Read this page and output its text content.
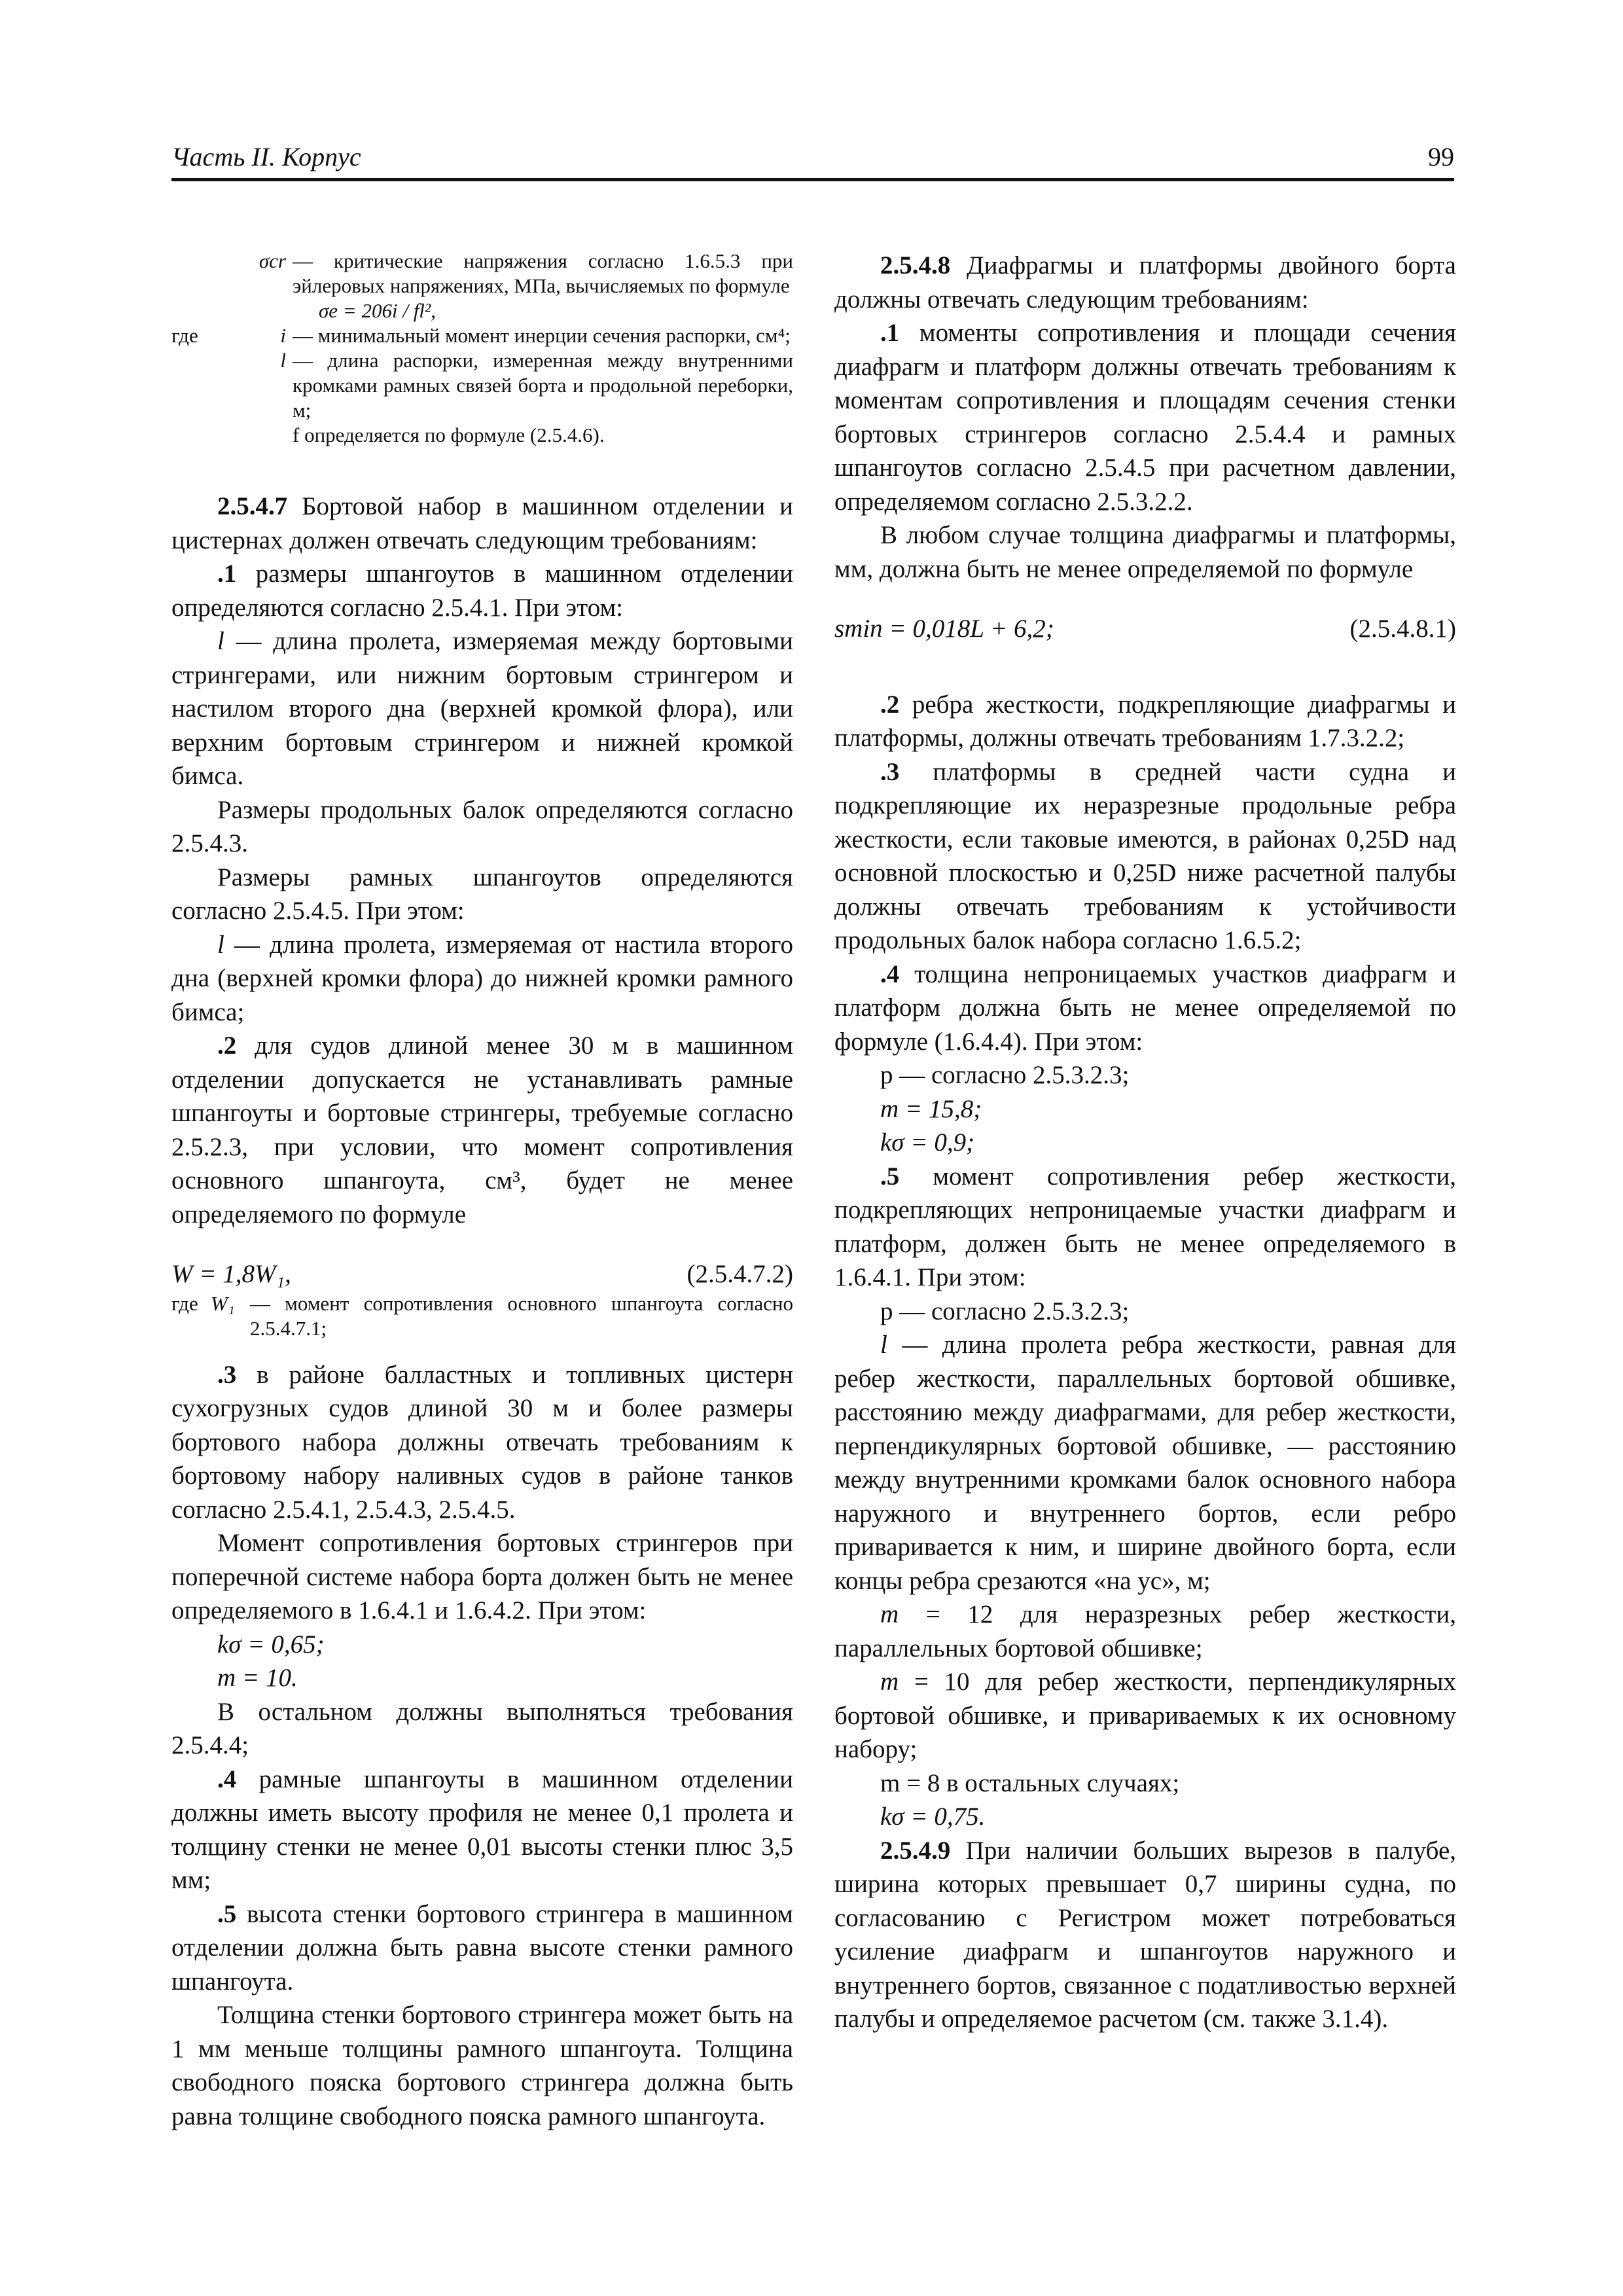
Часть II. Корпус	99

σcr — критические напряжения согласно 1.6.5.3 при эйлеровых напряжениях, МПа, вычисляемых по формуле

σe = 206i / fl²,

где	i — минимальный момент инерции сечения распорки, см⁴;

l — длина распорки, измеренная между внутренними кромками рамных связей борта и продольной переборки, м;

f определяется по формуле (2.5.4.6).

2.5.4.7 Бортовой набор в машинном отделении и цистернах должен отвечать следующим требованиям:

.1 размеры шпангоутов в машинном отделении определяются согласно 2.5.4.1. При этом:

l — длина пролета, измеряемая между бортовыми стрингерами, или нижним бортовым стрингером и настилом второго дна (верхней кромкой флора), или верхним бортовым стрингером и нижней кромкой бимса.

Размеры продольных балок определяются согласно 2.5.4.3.

Размеры рамных шпангоутов определяются согласно 2.5.4.5. При этом:

l — длина пролета, измеряемая от настила второго дна (верхней кромки флора) до нижней кромки рамного бимса;

.2 для судов длиной менее 30 м в машинном отделении допускается не устанавливать рамные шпангоуты и бортовые стрингеры, требуемые согласно 2.5.2.3, при условии, что момент сопротивления основного шпангоута, см³, будет не менее определяемого по формуле

W = 1,8W₁,	(2.5.4.7.2)

где W₁ — момент сопротивления основного шпангоута согласно 2.5.4.7.1;

.3 в районе балластных и топливных цистерн сухогрузных судов длиной 30 м и более размеры бортового набора должны отвечать требованиям к бортовому набору наливных судов в районе танков согласно 2.5.4.1, 2.5.4.3, 2.5.4.5.

Момент сопротивления бортовых стрингеров при поперечной системе набора борта должен быть не менее определяемого в 1.6.4.1 и 1.6.4.2. При этом:

kσ = 0,65;

m = 10.

В остальном должны выполняться требования 2.5.4.4;

.4 рамные шпангоуты в машинном отделении должны иметь высоту профиля не менее 0,1 пролета и толщину стенки не менее 0,01 высоты стенки плюс 3,5 мм;

.5 высота стенки бортового стрингера в машинном отделении должна быть равна высоте стенки рамного шпангоута.

Толщина стенки бортового стрингера может быть на 1 мм меньше толщины рамного шпангоута. Толщина свободного пояска бортового стрингера должна быть равна толщине свободного пояска рамного шпангоута.

2.5.4.8 Диафрагмы и платформы двойного борта должны отвечать следующим требованиям:

.1 моменты сопротивления и площади сечения диафрагм и платформ должны отвечать требованиям к моментам сопротивления и площадям сечения стенки бортовых стрингеров согласно 2.5.4.4 и рамных шпангоутов согласно 2.5.4.5 при расчетном давлении, определяемом согласно 2.5.3.2.2.

В любом случае толщина диафрагмы и платформы, мм, должна быть не менее определяемой по формуле

smin = 0,018L + 6,2;	(2.5.4.8.1)

.2 ребра жесткости, подкрепляющие диафрагмы и платформы, должны отвечать требованиям 1.7.3.2.2;

.3 платформы в средней части судна и подкрепляющие их неразрезные продольные ребра жесткости, если таковые имеются, в районах 0,25D над основной плоскостью и 0,25D ниже расчетной палубы должны отвечать требованиям к устойчивости продольных балок набора согласно 1.6.5.2;

.4 толщина непроницаемых участков диафрагм и платформ должна быть не менее определяемой по формуле (1.6.4.4). При этом:

p — согласно 2.5.3.2.3;

m = 15,8;

kσ = 0,9;

.5 момент сопротивления ребер жесткости, подкрепляющих непроницаемые участки диафрагм и платформ, должен быть не менее определяемого в 1.6.4.1. При этом:

p — согласно 2.5.3.2.3;

l — длина пролета ребра жесткости, равная для ребер жесткости, параллельных бортовой обшивке, расстоянию между диафрагмами, для ребер жесткости, перпендикулярных бортовой обшивке, — расстоянию между внутренними кромками балок основного набора наружного и внутреннего бортов, если ребро приваривается к ним, и ширине двойного борта, если концы ребра срезаются «на ус», м;

m = 12 для неразрезных ребер жесткости, параллельных бортовой обшивке;

m = 10 для ребер жесткости, перпендикулярных бортовой обшивке, и привариваемых к их основному набору;

m = 8 в остальных случаях;

kσ = 0,75.

2.5.4.9 При наличии больших вырезов в палубе, ширина которых превышает 0,7 ширины судна, по согласованию с Регистром может потребоваться усиление диафрагм и шпангоутов наружного и внутреннего бортов, связанное с податливостью верхней палубы и определяемое расчетом (см. также 3.1.4).
